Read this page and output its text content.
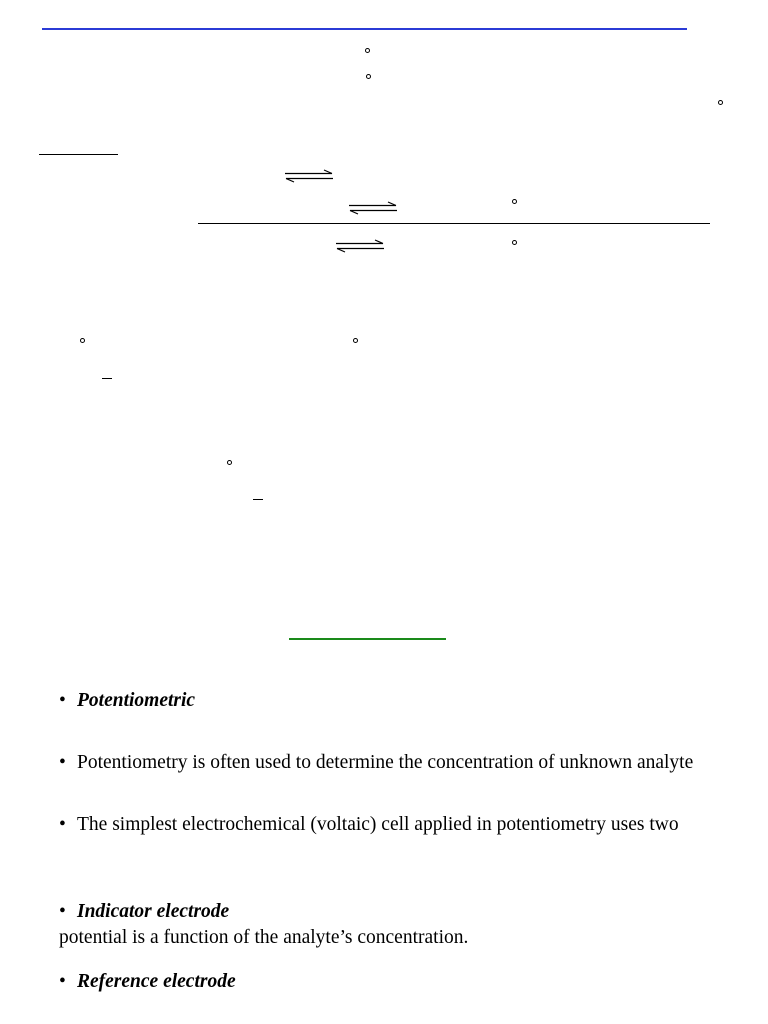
• Potentiometric
• Potentiometry is often used to determine the concentration of unknown analyte
• The simplest electrochemical (voltaic) cell applied in potentiometry uses two
• Indicator electrode
potential is a function of the analyte’s concentration.
• Reference electrode
